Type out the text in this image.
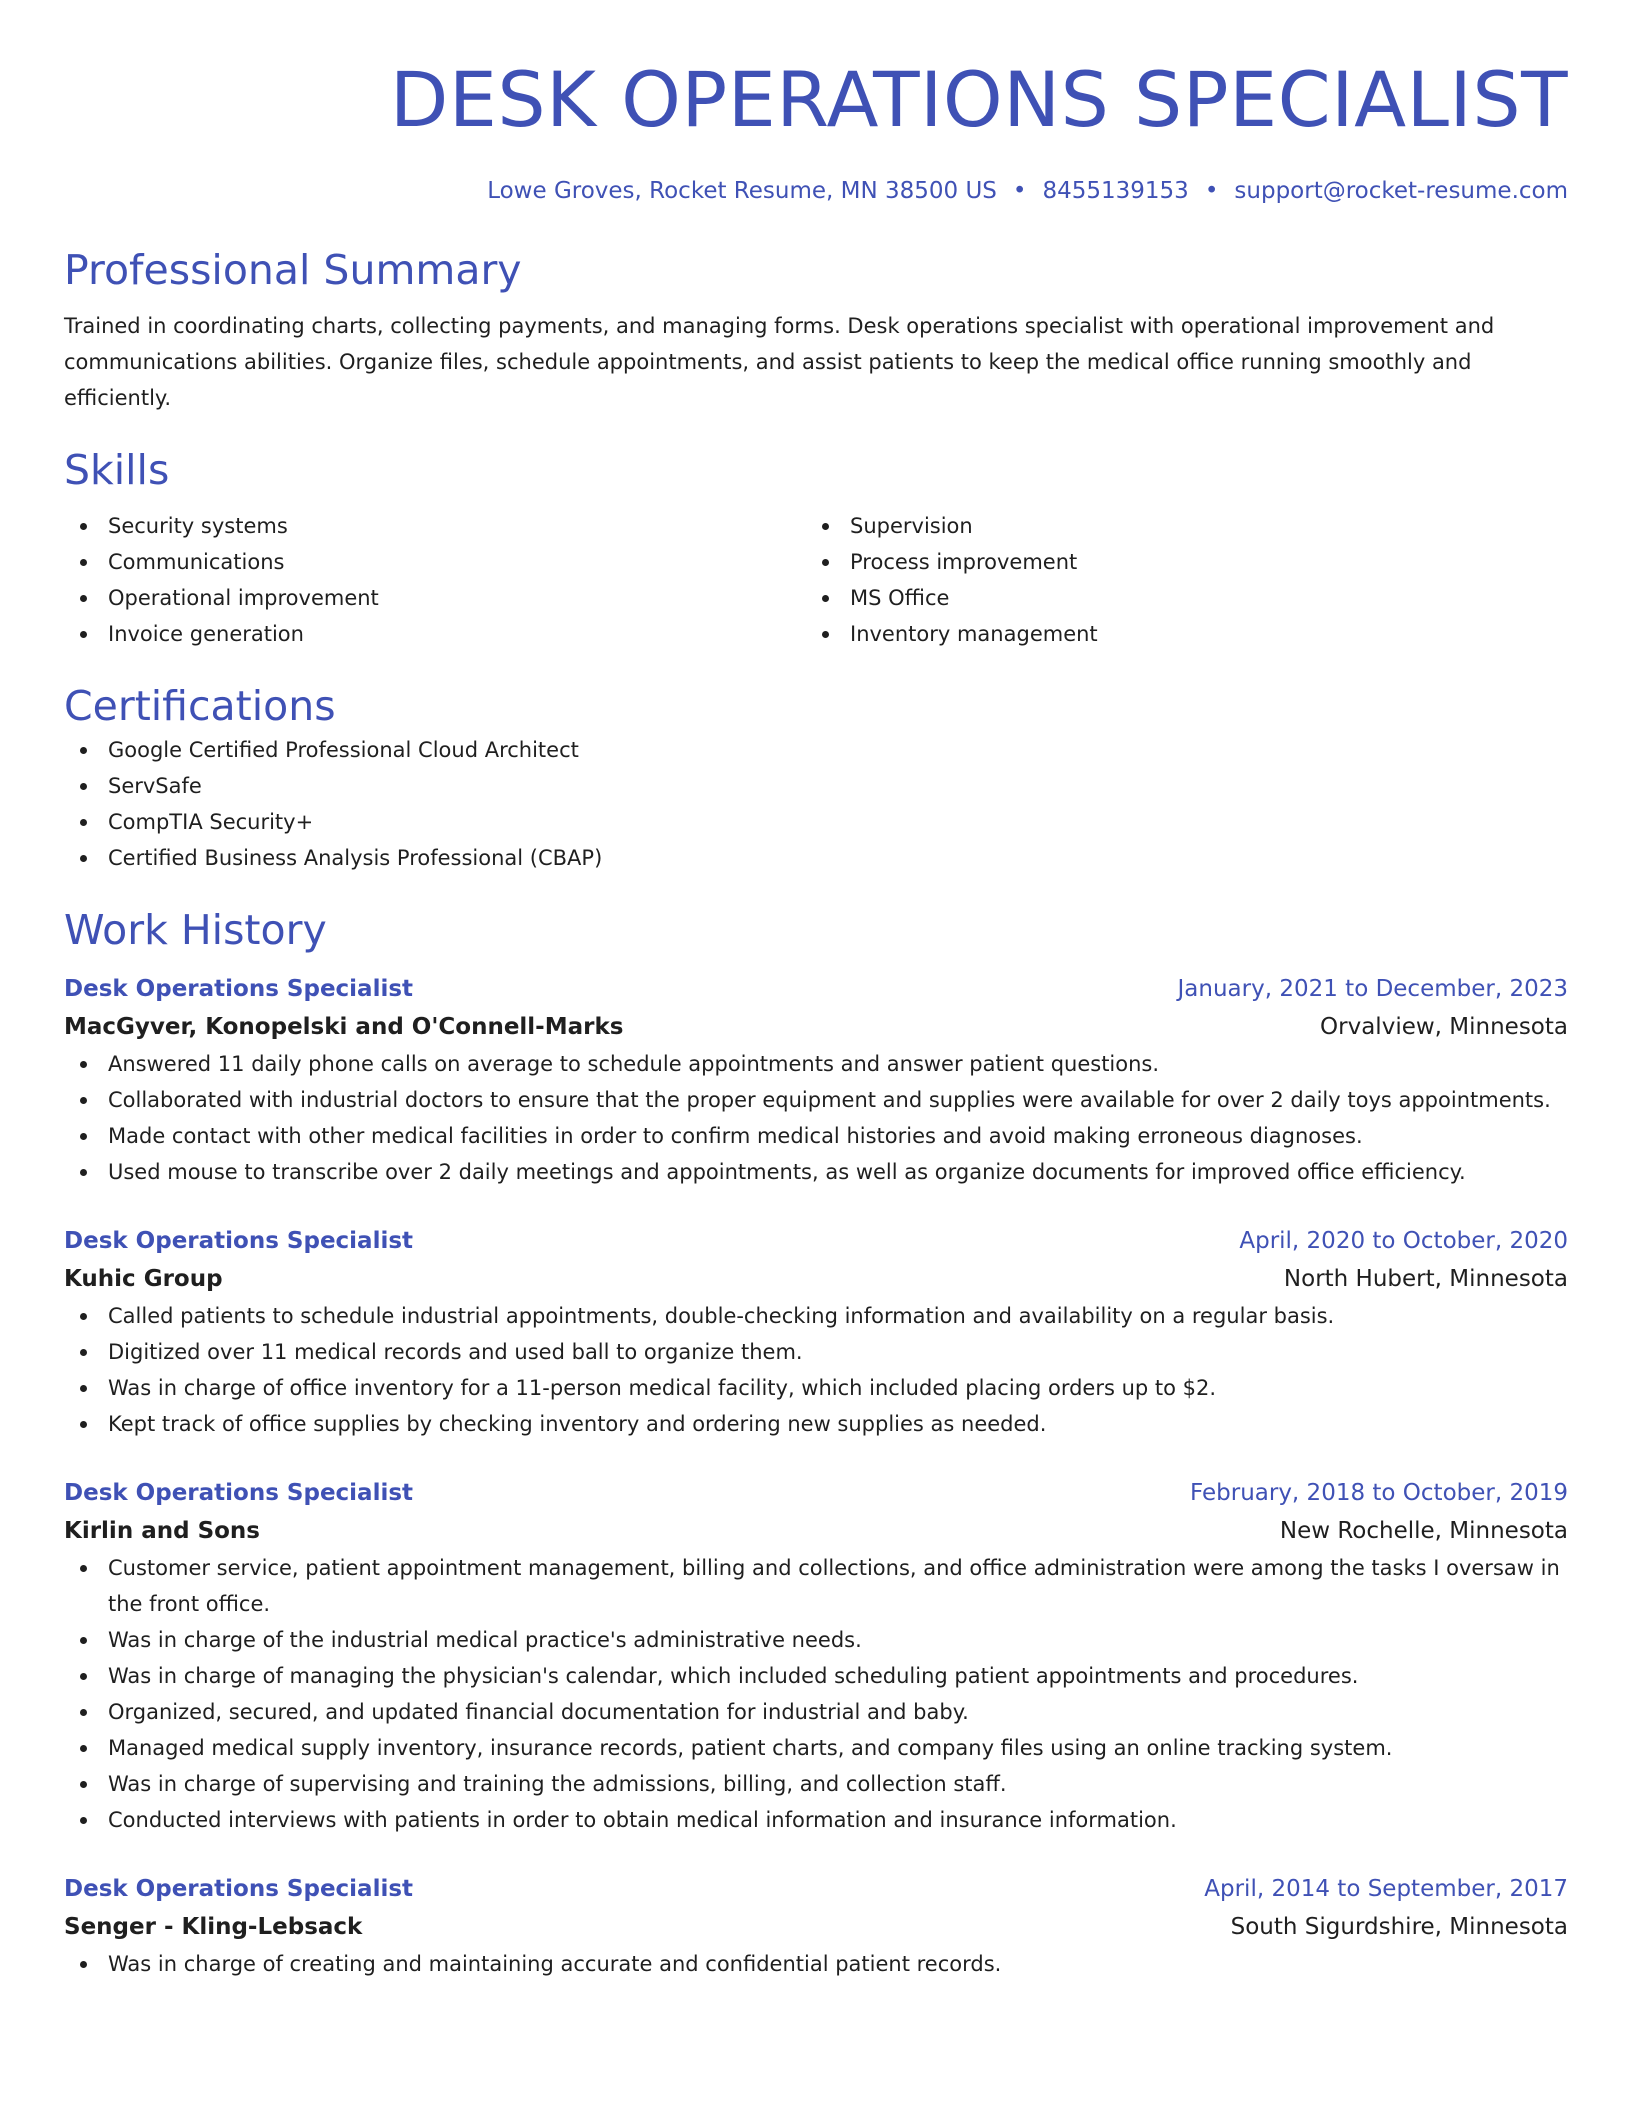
DESK OPERATIONS SPECIALIST
Lowe Groves, Rocket Resume, MN 38500 US • 8455139153 • support@rocket-resume.com
Professional Summary
Trained in coordinating charts, collecting payments, and managing forms. Desk operations specialist with operational improvement and communications abilities. Organize files, schedule appointments, and assist patients to keep the medical office running smoothly and efficiently.
Skills
Security systems
Communications
Operational improvement
Invoice generation
Supervision
Process improvement
MS Office
Inventory management
Certifications
Google Certified Professional Cloud Architect
ServSafe
CompTIA Security+
Certified Business Analysis Professional (CBAP)
Work History
Desk Operations Specialist	January, 2021 to December, 2023
MacGyver, Konopelski and O'Connell-Marks	Orvalview, Minnesota
Answered 11 daily phone calls on average to schedule appointments and answer patient questions.
Collaborated with industrial doctors to ensure that the proper equipment and supplies were available for over 2 daily toys appointments.
Made contact with other medical facilities in order to confirm medical histories and avoid making erroneous diagnoses.
Used mouse to transcribe over 2 daily meetings and appointments, as well as organize documents for improved office efficiency.
Desk Operations Specialist	April, 2020 to October, 2020
Kuhic Group	North Hubert, Minnesota
Called patients to schedule industrial appointments, double-checking information and availability on a regular basis.
Digitized over 11 medical records and used ball to organize them.
Was in charge of office inventory for a 11-person medical facility, which included placing orders up to $2.
Kept track of office supplies by checking inventory and ordering new supplies as needed.
Desk Operations Specialist	February, 2018 to October, 2019
Kirlin and Sons	New Rochelle, Minnesota
Customer service, patient appointment management, billing and collections, and office administration were among the tasks I oversaw in the front office.
Was in charge of the industrial medical practice's administrative needs.
Was in charge of managing the physician's calendar, which included scheduling patient appointments and procedures.
Organized, secured, and updated financial documentation for industrial and baby.
Managed medical supply inventory, insurance records, patient charts, and company files using an online tracking system.
Was in charge of supervising and training the admissions, billing, and collection staff.
Conducted interviews with patients in order to obtain medical information and insurance information.
Desk Operations Specialist	April, 2014 to September, 2017
Senger - Kling-Lebsack	South Sigurdshire, Minnesota
Was in charge of creating and maintaining accurate and confidential patient records.
